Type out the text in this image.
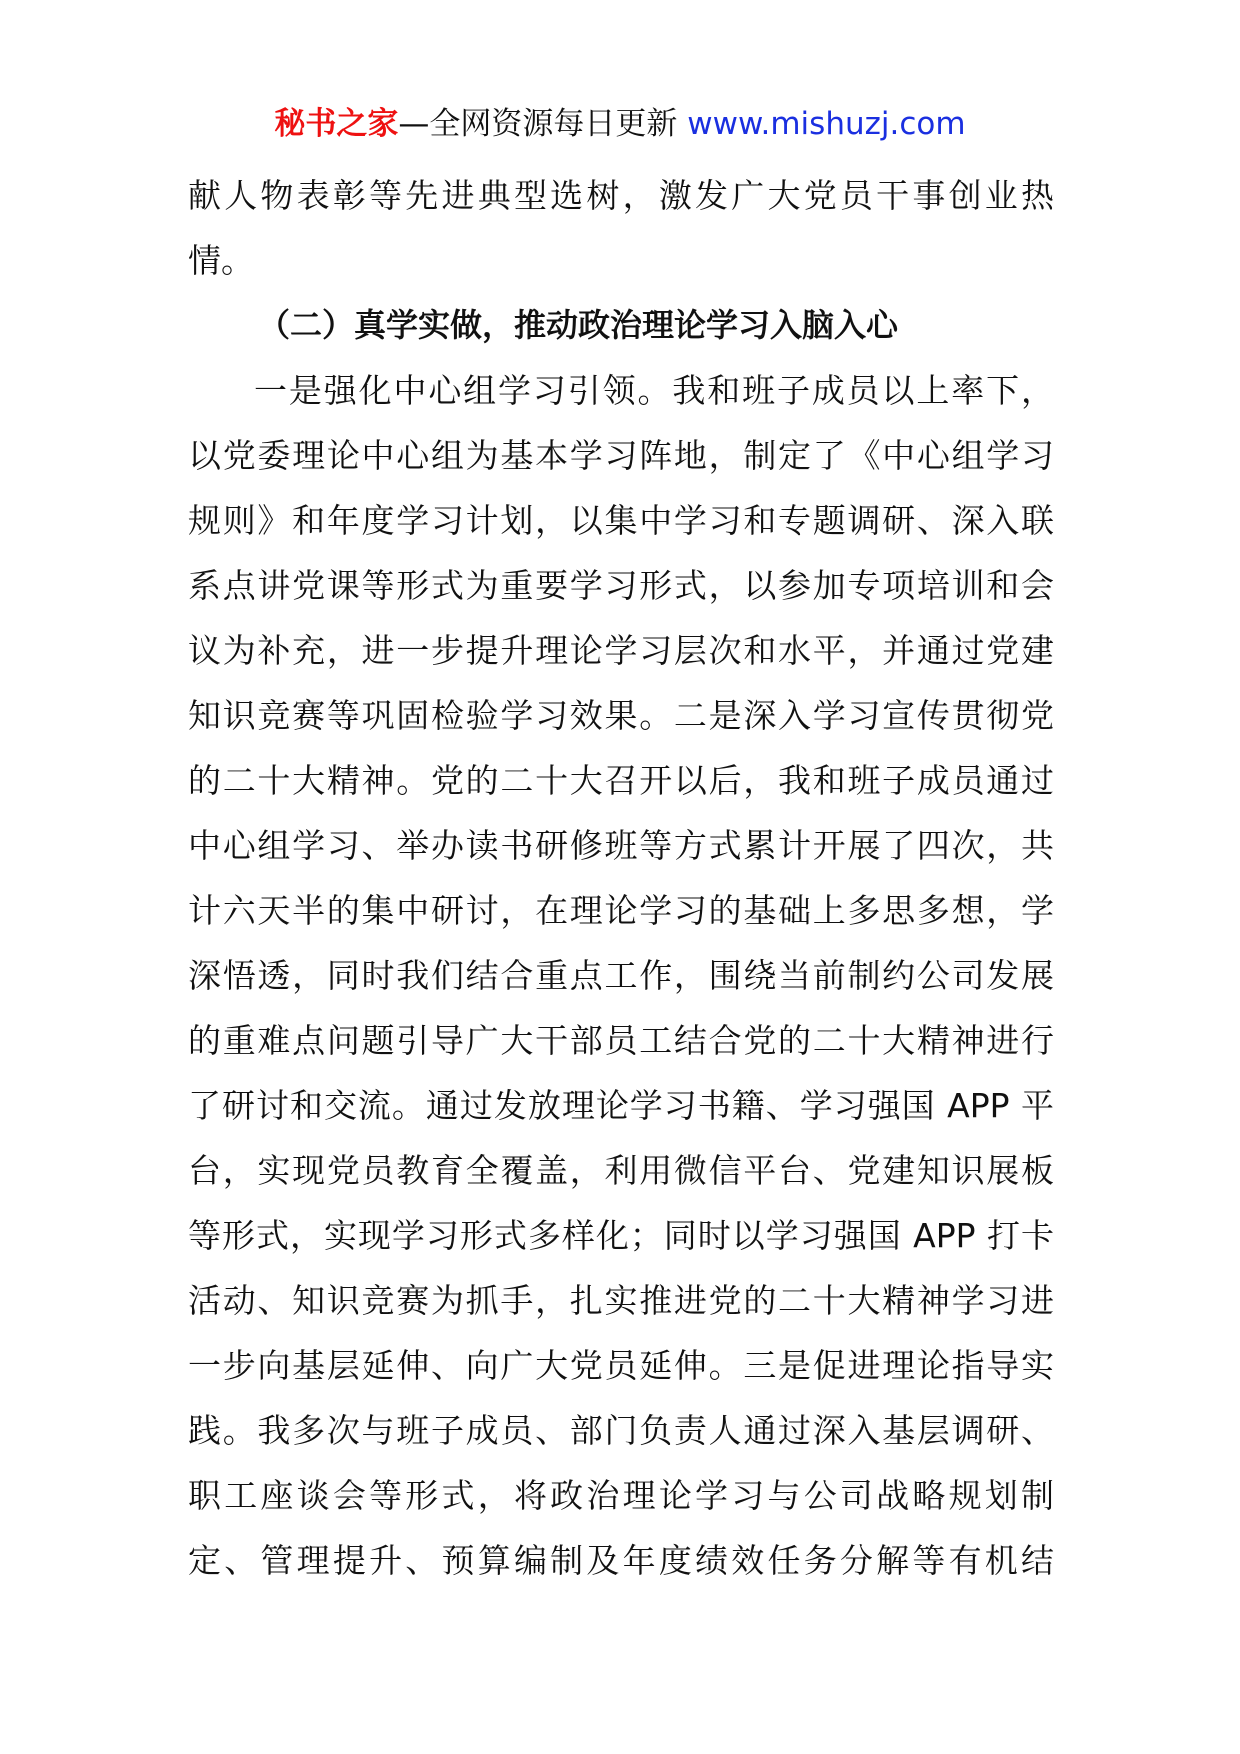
秘书之家—全网资源每日更新 www.mishuzj.com
献人物表彰等先进典型选树，激发广大党员干事创业热
情。
（二）真学实做，推动政治理论学习入脑入心
一是强化中心组学习引领。我和班子成员以上率下，
以党委理论中心组为基本学习阵地，制定了《中心组学习
规则》和年度学习计划，以集中学习和专题调研、深入联
系点讲党课等形式为重要学习形式，以参加专项培训和会
议为补充，进一步提升理论学习层次和水平，并通过党建
知识竞赛等巩固检验学习效果。二是深入学习宣传贯彻党
的二十大精神。党的二十大召开以后，我和班子成员通过
中心组学习、举办读书研修班等方式累计开展了四次，共
计六天半的集中研讨，在理论学习的基础上多思多想，学
深悟透，同时我们结合重点工作，围绕当前制约公司发展
的重难点问题引导广大干部员工结合党的二十大精神进行
了研讨和交流。通过发放理论学习书籍、学习强国 APP 平
台，实现党员教育全覆盖，利用微信平台、党建知识展板
等形式，实现学习形式多样化；同时以学习强国 APP 打卡
活动、知识竞赛为抓手，扎实推进党的二十大精神学习进
一步向基层延伸、向广大党员延伸。三是促进理论指导实
践。我多次与班子成员、部门负责人通过深入基层调研、
职工座谈会等形式，将政治理论学习与公司战略规划制
定、管理提升、预算编制及年度绩效任务分解等有机结
